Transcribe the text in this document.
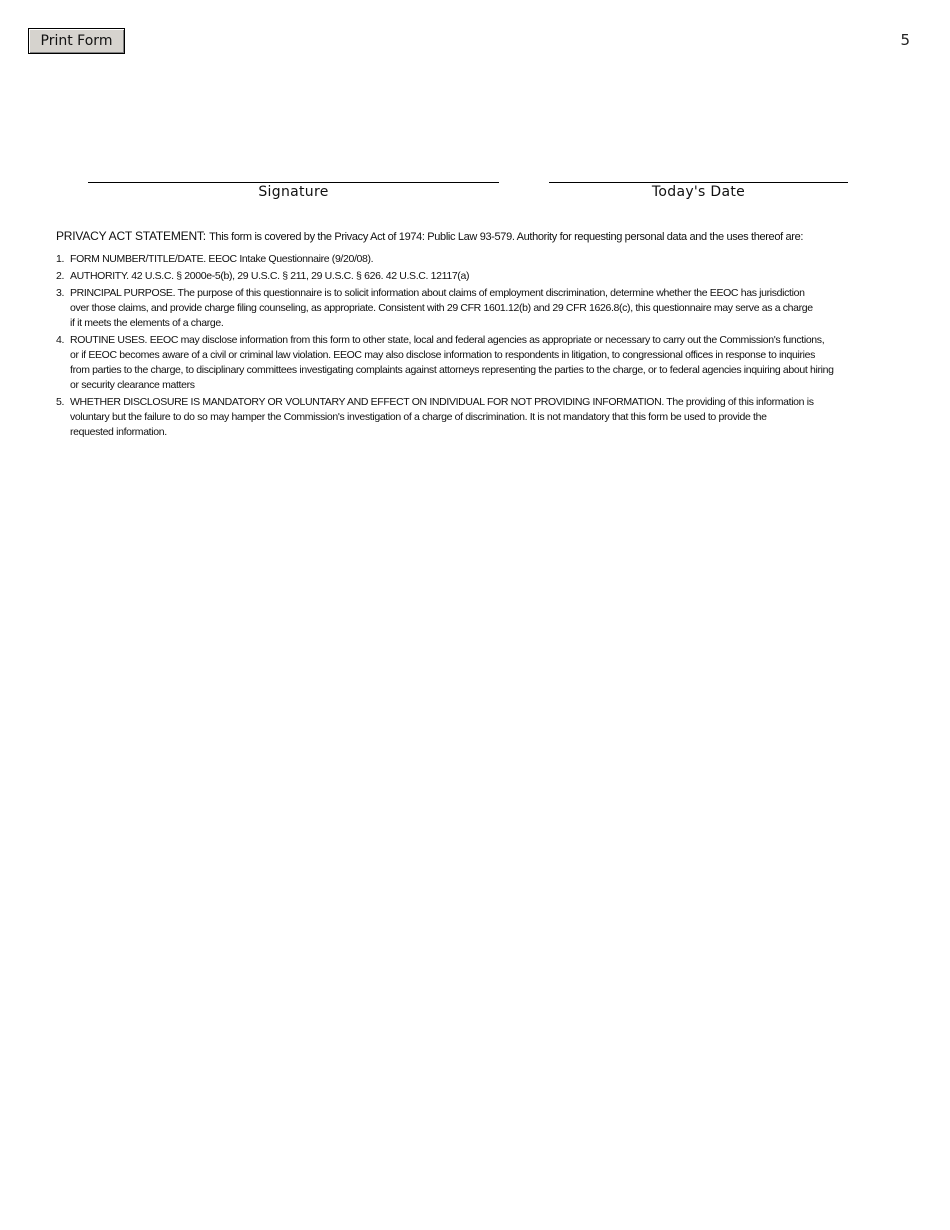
Print Form	5
Signature	Today's Date

PRIVACY ACT STATEMENT: This form is covered by the Privacy Act of 1974: Public Law 93-579. Authority for requesting personal data and the uses thereof are:

1. FORM NUMBER/TITLE/DATE. EEOC Intake Questionnaire (9/20/08).
2. AUTHORITY. 42 U.S.C. § 2000e-5(b), 29 U.S.C. § 211, 29 U.S.C. § 626. 42 U.S.C. 12117(a)
3. PRINCIPAL PURPOSE. The purpose of this questionnaire is to solicit information about claims of employment discrimination, determine whether the EEOC has jurisdiction
over those claims, and provide charge filing counseling, as appropriate. Consistent with 29 CFR 1601.12(b) and 29 CFR 1626.8(c), this questionnaire may serve as a charge
if it meets the elements of a charge.
4. ROUTINE USES. EEOC may disclose information from this form to other state, local and federal agencies as appropriate or necessary to carry out the Commission's functions,
or if EEOC becomes aware of a civil or criminal law violation. EEOC may also disclose information to respondents in litigation, to congressional offices in response to inquiries
from parties to the charge, to disciplinary committees investigating complaints against attorneys representing the parties to the charge, or to federal agencies inquiring about hiring
or security clearance matters
5. WHETHER DISCLOSURE IS MANDATORY OR VOLUNTARY AND EFFECT ON INDIVIDUAL FOR NOT PROVIDING INFORMATION. The providing of this information is
voluntary but the failure to do so may hamper the Commission's investigation of a charge of discrimination. It is not mandatory that this form be used to provide the
requested information.
